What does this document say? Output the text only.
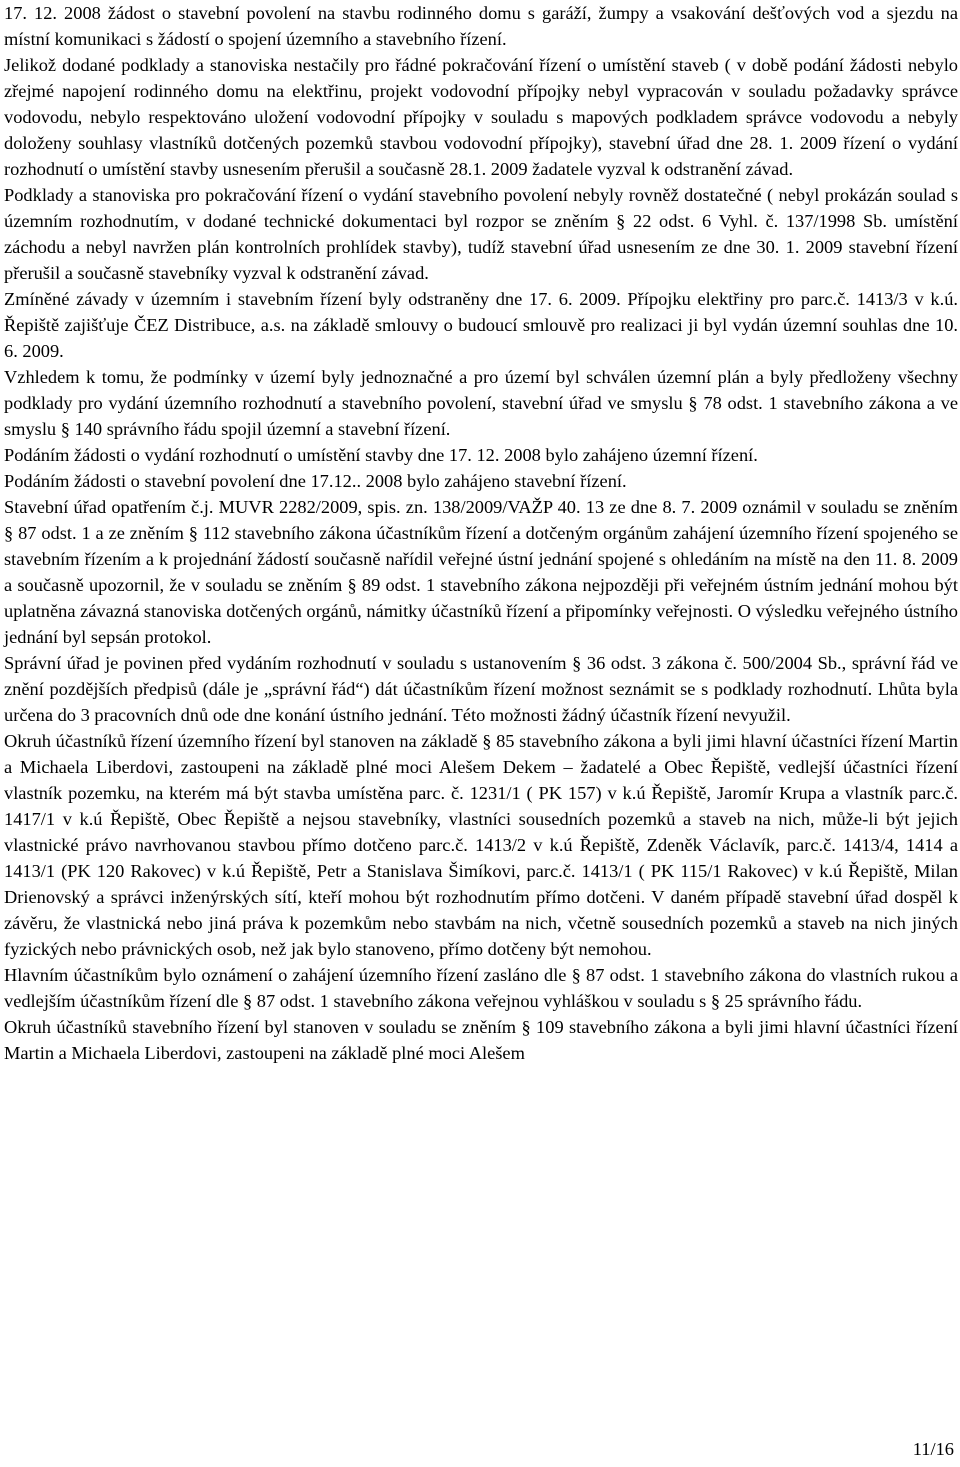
17. 12. 2008 žádost o stavební povolení na stavbu rodinného domu s garáží, žumpy a vsakování dešťových vod a sjezdu na místní komunikaci s žádostí o spojení územního a stavebního řízení.

Jelikož dodané podklady a stanoviska nestačily pro řádné pokračování řízení o umístění staveb ( v době podání žádosti nebylo zřejmé napojení rodinného domu na elektřinu, projekt vodovodní přípojky nebyl vypracován v souladu požadavky správce vodovodu, nebylo respektováno uložení vodovodní přípojky v souladu s mapových podkladem správce vodovodu a nebyly doloženy souhlasy vlastníků dotčených pozemků stavbou vodovodní přípojky), stavební úřad dne 28. 1. 2009 řízení o vydání rozhodnutí o umístění stavby usnesením přerušil a současně 28.1. 2009 žadatele vyzval k odstranění závad.

Podklady a stanoviska pro pokračování řízení o vydání stavebního povolení nebyly rovněž dostatečné ( nebyl prokázán soulad s územním rozhodnutím, v dodané technické dokumentaci byl rozpor se zněním § 22 odst. 6 Vyhl. č. 137/1998 Sb. umístění záchodu a nebyl navržen plán kontrolních prohlídek stavby), tudíž stavební úřad usnesením ze dne 30. 1. 2009 stavební řízení přerušil a současně stavebníky vyzval k odstranění závad.

Zmíněné závady v územním i stavebním řízení byly odstraněny dne 17. 6. 2009. Přípojku elektřiny pro parc.č. 1413/3 v k.ú. Řepiště zajišťuje ČEZ Distribuce, a.s. na základě smlouvy o budoucí smlouvě pro realizaci ji byl vydán územní souhlas dne 10. 6. 2009.

Vzhledem k tomu, že podmínky v území byly jednoznačné a pro území byl schválen územní plán a byly předloženy všechny podklady pro vydání územního rozhodnutí a stavebního povolení, stavební úřad ve smyslu § 78 odst. 1 stavebního zákona a ve smyslu § 140 správního řádu spojil územní a stavební řízení.

Podáním žádosti o vydání rozhodnutí o umístění stavby dne 17. 12. 2008 bylo zahájeno územní řízení.

Podáním žádosti o stavební povolení dne 17.12.. 2008 bylo zahájeno stavební řízení.

Stavební úřad opatřením č.j. MUVR 2282/2009, spis. zn. 138/2009/VAŽP 40. 13 ze dne 8. 7. 2009 oznámil v souladu se zněním § 87 odst. 1 a ze zněním § 112 stavebního zákona účastníkům řízení a dotčeným orgánům zahájení územního řízení spojeného se stavebním řízením a k projednání žádostí současně nařídil veřejné ústní jednání spojené s ohledáním na místě na den 11. 8. 2009 a současně upozornil, že v souladu se zněním § 89 odst. 1 stavebního zákona nejpozději při veřejném ústním jednání mohou být uplatněna závazná stanoviska dotčených orgánů, námitky účastníků řízení a připomínky veřejnosti. O výsledku veřejného ústního jednání byl sepsán protokol.

Správní úřad je povinen před vydáním rozhodnutí v souladu s ustanovením § 36 odst. 3 zákona č. 500/2004 Sb., správní řád ve znění pozdějších předpisů (dále je „správní řád“) dát účastníkům řízení možnost seznámit se s podklady rozhodnutí. Lhůta byla určena do 3 pracovních dnů ode dne konání ústního jednání. Této možnosti žádný účastník řízení nevyužil.

Okruh účastníků řízení územního řízení byl stanoven na základě § 85 stavebního zákona a byli jimi hlavní účastníci řízení Martin a Michaela Liberdovi, zastoupeni na základě plné moci Alešem Dekem – žadatelé a Obec Řepiště, vedlejší účastníci řízení vlastník pozemku, na kterém má být stavba umístěna parc. č. 1231/1 ( PK 157) v k.ú Řepiště, Jaromír Krupa a vlastník parc.č. 1417/1 v k.ú Řepiště, Obec Řepiště a nejsou stavebníky, vlastníci sousedních pozemků a staveb na nich, může-li být jejich vlastnické právo navrhovanou stavbou přímo dotčeno parc.č. 1413/2 v k.ú Řepiště, Zdeněk Václavík, parc.č. 1413/4, 1414 a 1413/1 (PK 120 Rakovec) v k.ú Řepiště, Petr a Stanislava Šimíkovi, parc.č. 1413/1 ( PK 115/1 Rakovec) v k.ú Řepiště, Milan Drienovský a správci inženýrských sítí, kteří mohou být rozhodnutím přímo dotčeni. V daném případě stavební úřad dospěl k závěru, že vlastnická nebo jiná práva k pozemkům nebo stavbám na nich, včetně sousedních pozemků a staveb na nich jiných fyzických nebo právnických osob, než jak bylo stanoveno, přímo dotčeny být nemohou.

Hlavním účastníkům bylo oznámení o zahájení územního řízení zasláno dle § 87 odst. 1 stavebního zákona do vlastních rukou a vedlejším účastníkům řízení dle § 87 odst. 1 stavebního zákona veřejnou vyhláškou v souladu s § 25 správního řádu.

Okruh účastníků stavebního řízení byl stanoven v souladu se zněním § 109 stavebního zákona a byli jimi hlavní účastníci řízení Martin a Michaela Liberdovi, zastoupeni na základě plné moci Alešem

11/16
